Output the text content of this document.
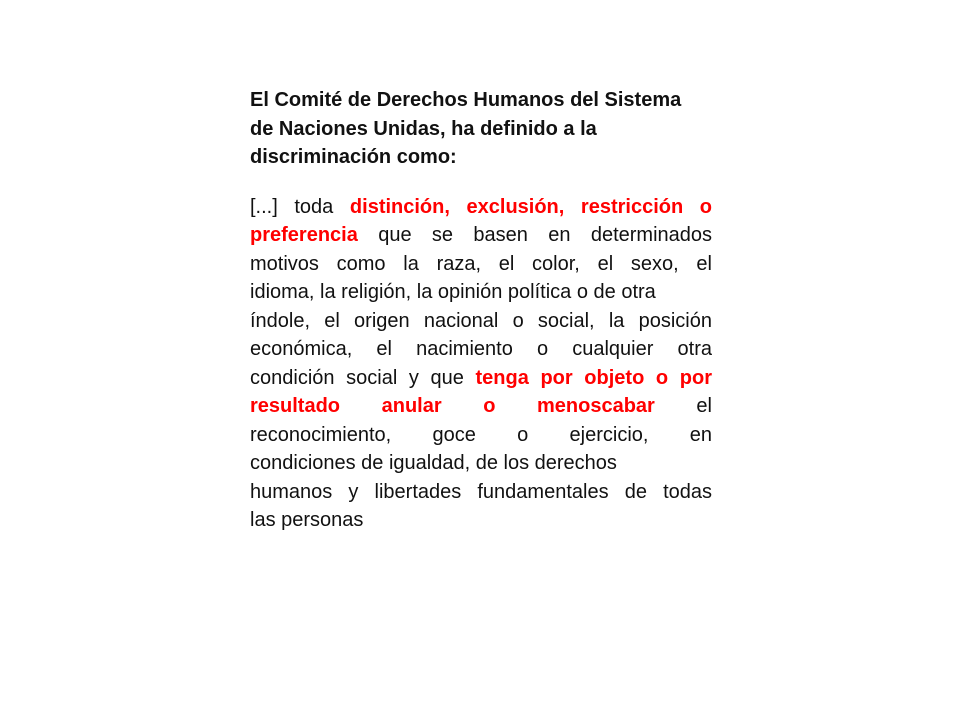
El Comité de Derechos Humanos del Sistema
de Naciones Unidas, ha definido a la
discriminación como:
[...] toda distinción, exclusión, restricción o
preferencia que se basen en determinados
motivos como la raza, el color, el sexo, el
idioma, la religión, la opinión política o de otra
índole, el origen nacional o social, la posición
económica, el nacimiento o cualquier otra
condición social y que tenga por objeto o por
resultado anular o menoscabar el
reconocimiento, goce o ejercicio, en
condiciones de igualdad, de los derechos
humanos y libertades fundamentales de todas
las personas
